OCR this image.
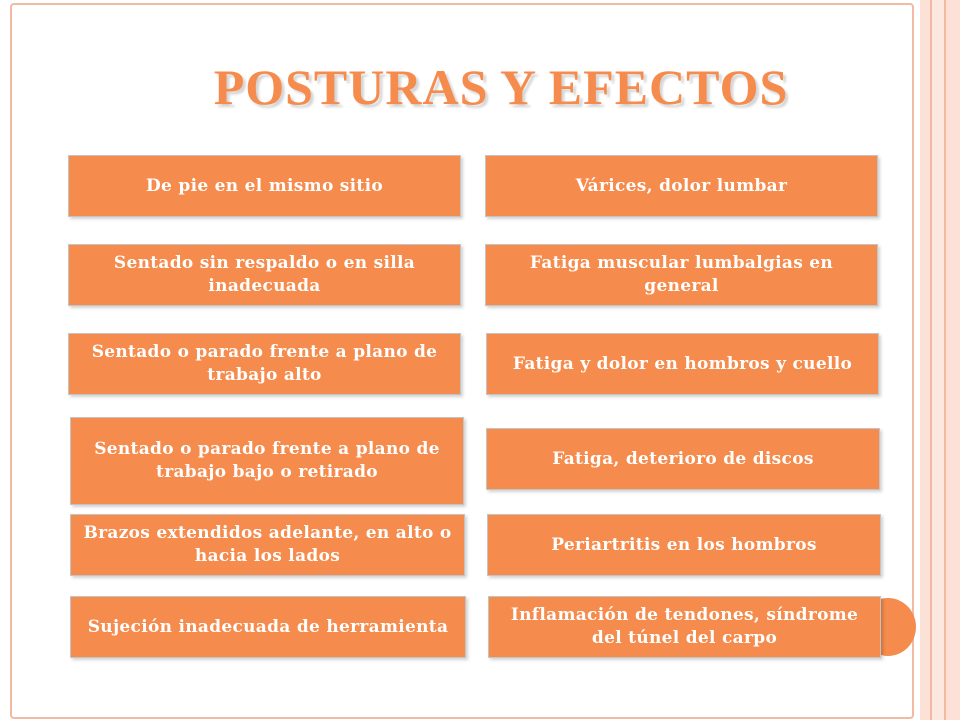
POSTURAS Y EFECTOS
De pie en el mismo sitio	Várices, dolor lumbar
Sentado sin respaldo o en silla inadecuada
Fatiga muscular lumbalgias en general
Sentado o parado frente a plano de trabajo alto
Fatiga y dolor en hombros y cuello
Sentado o parado frente a plano de trabajo bajo o retirado
Fatiga, deterioro de discos
Brazos extendidos adelante, en alto o hacia los lados
Periartritis en los hombros
Sujeción inadecuada de herramienta
Inflamación de tendones, síndrome del túnel del carpo
